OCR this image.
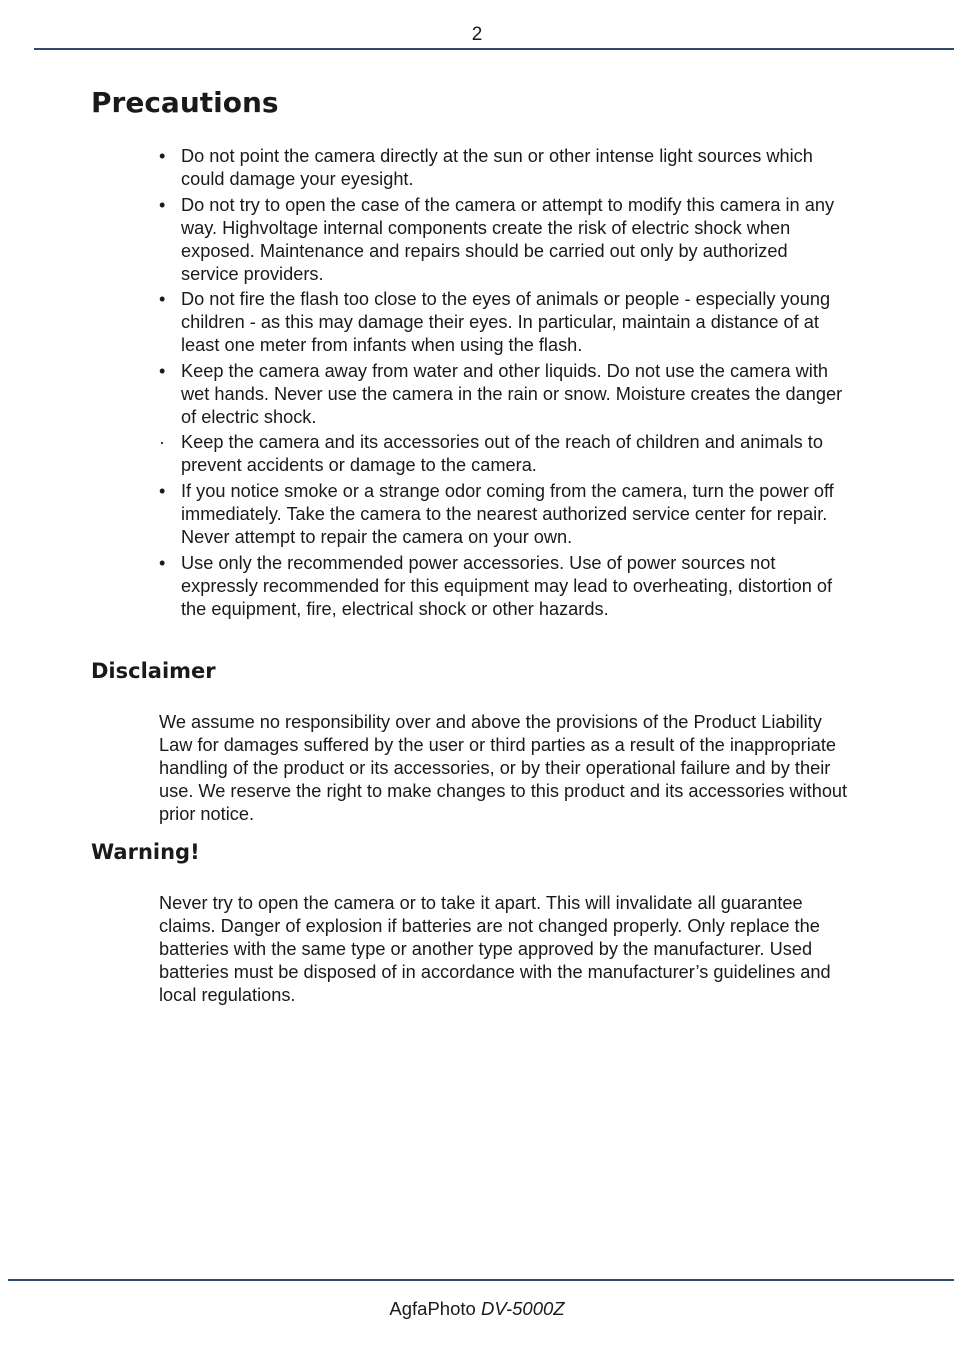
2
Precautions
• Do not point the camera directly at the sun or other intense light sources which could damage your eyesight.
• Do not try to open the case of the camera or attempt to modify this camera in any way. Highvoltage internal components create the risk of electric shock when exposed. Maintenance and repairs should be carried out only by authorized service providers.
• Do not fire the flash too close to the eyes of animals or people - especially young children - as this may damage their eyes. In particular, maintain a distance of at least one meter from infants when using the flash.
• Keep the camera away from water and other liquids. Do not use the camera with wet hands. Never use the camera in the rain or snow. Moisture creates the danger of electric shock.
· Keep the camera and its accessories out of the reach of children and animals to prevent accidents or damage to the camera.
• If you notice smoke or a strange odor coming from the camera, turn the power off immediately. Take the camera to the nearest authorized service center for repair. Never attempt to repair the camera on your own.
• Use only the recommended power accessories. Use of power sources not expressly recommended for this equipment may lead to overheating, distortion of the equipment, fire, electrical shock or other hazards.
Disclaimer

We assume no responsibility over and above the provisions of the Product Liability Law for damages suffered by the user or third parties as a result of the inappropriate handling of the product or its accessories, or by their operational failure and by their use. We reserve the right to make changes to this product and its accessories without prior notice.

Warning!

Never try to open the camera or to take it apart. This will invalidate all guarantee claims. Danger of explosion if batteries are not changed properly. Only replace the batteries with the same type or another type approved by the manufacturer. Used batteries must be disposed of in accordance with the manufacturer’s guidelines and local regulations.

AgfaPhoto DV-5000Z
